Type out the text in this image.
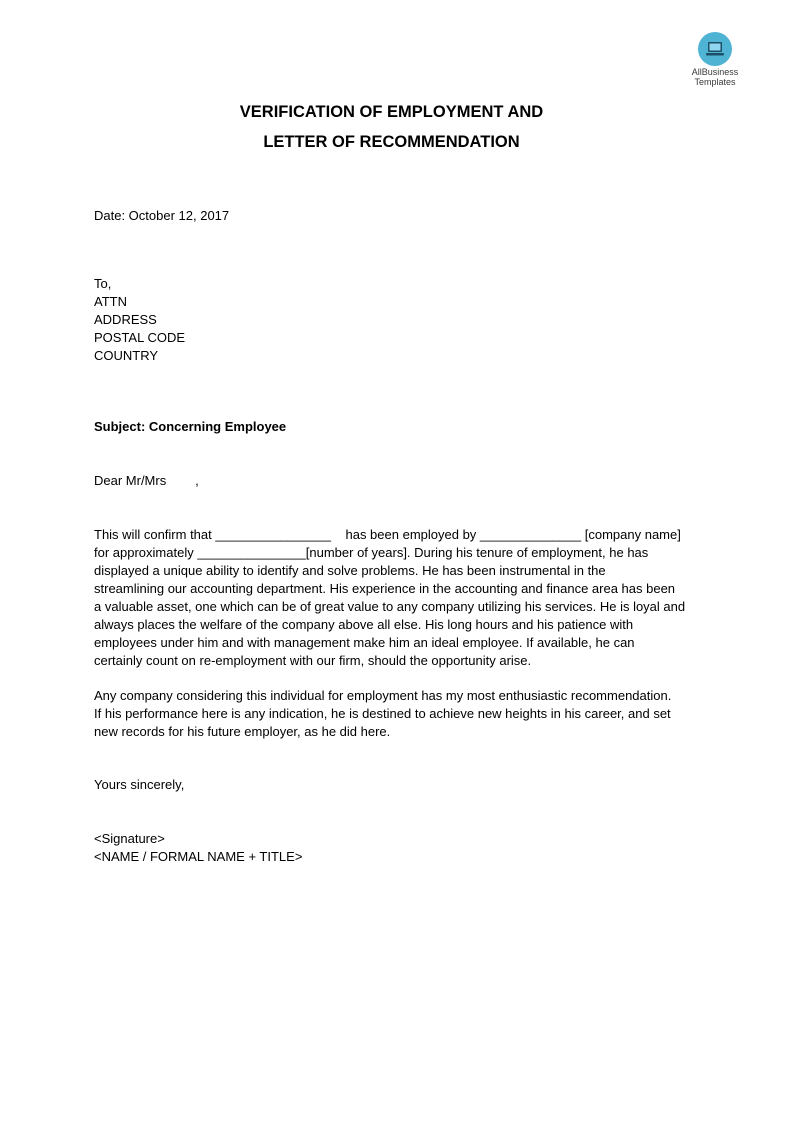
AllBusiness
Templates
VERIFICATION OF EMPLOYMENT AND
LETTER OF RECOMMENDATION
Date: October 12, 2017
To,
ATTN
ADDRESS
POSTAL CODE
COUNTRY
Subject: Concerning Employee
Dear Mr/Mrs        ,
This will confirm that ________________    has been employed by ______________ [company name]
for approximately _______________[number of years]. During his tenure of employment, he has
displayed a unique ability to identify and solve problems. He has been instrumental in the
streamlining our accounting department. His experience in the accounting and finance area has been
a valuable asset, one which can be of great value to any company utilizing his services. He is loyal and
always places the welfare of the company above all else. His long hours and his patience with
employees under him and with management make him an ideal employee. If available, he can
certainly count on re-employment with our firm, should the opportunity arise.
Any company considering this individual for employment has my most enthusiastic recommendation.
If his performance here is any indication, he is destined to achieve new heights in his career, and set
new records for his future employer, as he did here.
Yours sincerely,
<Signature>
<NAME / FORMAL NAME + TITLE>
